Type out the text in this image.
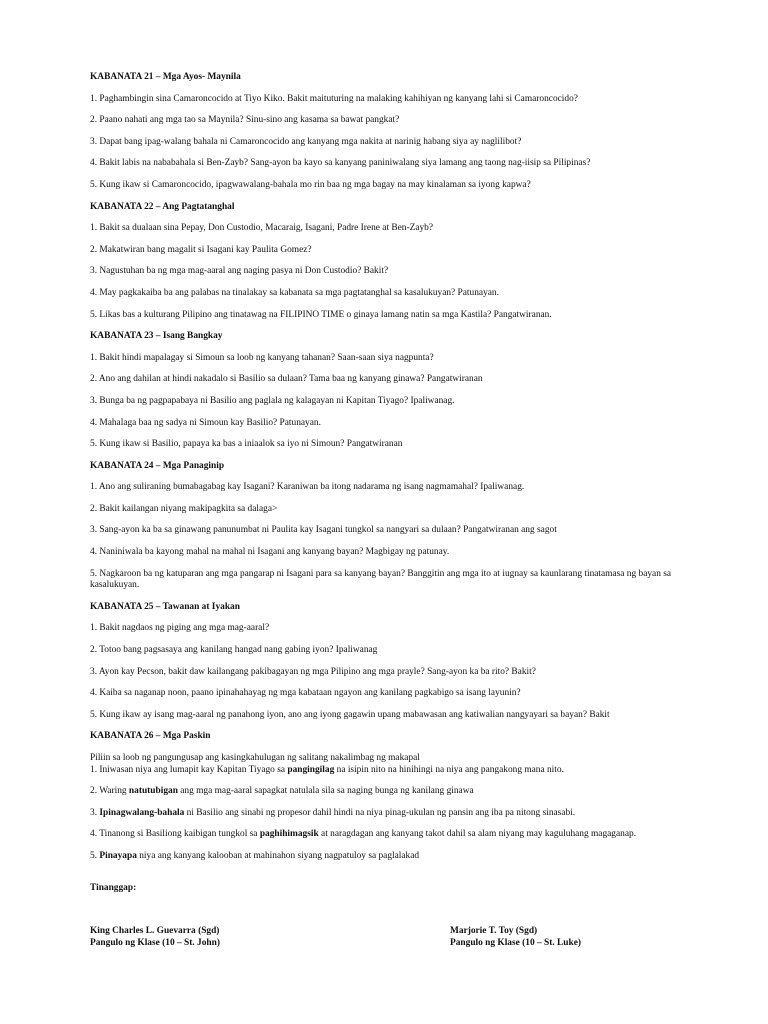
KABANATA 21 – Mga Ayos- Maynila
1. Paghambingin sina Camaroncocido at Tiyo Kiko. Bakit maituturing na malaking kahihiyan ng kanyang lahi si Camaroncocido?
2. Paano nahati ang mga tao sa Maynila? Sinu-sino ang kasama sa bawat pangkat?
3. Dapat bang ipag-walang bahala ni Camaroncocido ang kanyang mga nakita at narinig habang siya ay naglilibot?
4. Bakit labis na nababahala si Ben-Zayb? Sang-ayon ba kayo sa kanyang paniniwalang siya lamang ang taong nag-iisip sa Pilipinas?
5. Kung ikaw si Camaroncocido, ipagwawalang-bahala mo rin baa ng mga bagay na may kinalaman sa iyong kapwa?
KABANATA 22 – Ang Pagtatanghal
1. Bakit sa dualaan sina Pepay, Don Custodio, Macaraig, Isagani, Padre Irene at Ben-Zayb?
2. Makatwiran bang magalit si Isagani kay Paulita Gomez?
3. Nagustuhan ba ng mga mag-aaral ang naging pasya ni Don Custodio? Bakit?
4. May pagkakaiba ba ang palabas na tinalakay sa kabanata sa mga pagtatanghal sa kasalukuyan? Patunayan.
5. Likas bas a kulturang Pilipino ang tinatawag na FILIPINO TIME o ginaya lamang natin sa mga Kastila? Pangatwiranan.
KABANATA 23 – Isang Bangkay
1. Bakit hindi mapalagay si Simoun sa loob ng kanyang tahanan? Saan-saan siya nagpunta?
2. Ano ang dahilan at hindi nakadalo si Basilio sa dulaan? Tama baa ng kanyang ginawa? Pangatwiranan
3. Bunga ba ng pagpapabaya ni Basilio ang paglala ng kalagayan ni Kapitan Tiyago? Ipaliwanag.
4. Mahalaga baa ng sadya ni Simoun kay Basilio? Patunayan.
5. Kung ikaw si Basilio, papaya ka bas a iniaalok sa iyo ni Simoun? Pangatwiranan
KABANATA 24 – Mga Panaginip
1. Ano ang suliraning bumabagabag kay Isagani? Karaniwan ba itong nadarama ng isang nagmamahal? Ipaliwanag.
2. Bakit kailangan niyang makipagkita sa dalaga>
3. Sang-ayon ka ba sa ginawang panunumbat ni Paulita kay Isagani tungkol sa nangyari sa dulaan? Pangatwiranan ang sagot
4. Naniniwala ba kayong mahal na mahal ni Isagani ang kanyang bayan? Magbigay ng patunay.
5. Nagkaroon ba ng katuparan ang mga pangarap ni Isagani para sa kanyang bayan? Banggitin ang mga ito at iugnay sa kaunlarang tinatamasa ng bayan sa kasalukuyan.
KABANATA 25 – Tawanan at Iyakan
1. Bakit nagdaos ng piging ang mga mag-aaral?
2. Totoo bang pagsasaya ang kanilang hangad nang gabing iyon? Ipaliwanag
3. Ayon kay Pecson, bakit daw kailangang pakibagayan ng mga Pilipino ang mga prayle? Sang-ayon ka ba rito? Bakit?
4. Kaiba sa naganap noon, paano ipinahahayag ng mga kabataan ngayon ang kanilang pagkabigo sa isang layunin?
5. Kung ikaw ay isang mag-aaral ng panahong iyon, ano ang iyong gagawin upang mabawasan ang katiwalian nangyayari sa bayan? Bakit
KABANATA 26 – Mga Paskin
Piliin sa loob ng pangungusap ang kasingkahulugan ng salitang nakalimbag ng makapal
1. Iniwasan niya ang lumapit kay Kapitan Tiyago sa pangingilag na isipin nito na hinihingi na niya ang pangakong mana nito.
2. Waring natutubigan ang mga mag-aaral sapagkat natulala sila sa naging bunga ng kanilang ginawa
3. Ipinagwalang-bahala ni Basilio ang sinabi ng propesor dahil hindi na niya pinag-ukulan ng pansin ang iba pa nitong sinasabi.
4. Tinanong si Basiliong kaibigan tungkol sa paghihimagsik at naragdagan ang kanyang takot dahil sa alam niyang may kaguluhang magaganap.
5. Pinayapa niya ang kanyang kalooban at mahinahon siyang nagpatuloy sa paglalakad
Tinanggap:
King Charles L. Guevarra (Sgd)
Pangulo ng Klase (10 – St. John)
Marjorie T. Toy (Sgd)
Pangulo ng Klase (10 – St. Luke)
